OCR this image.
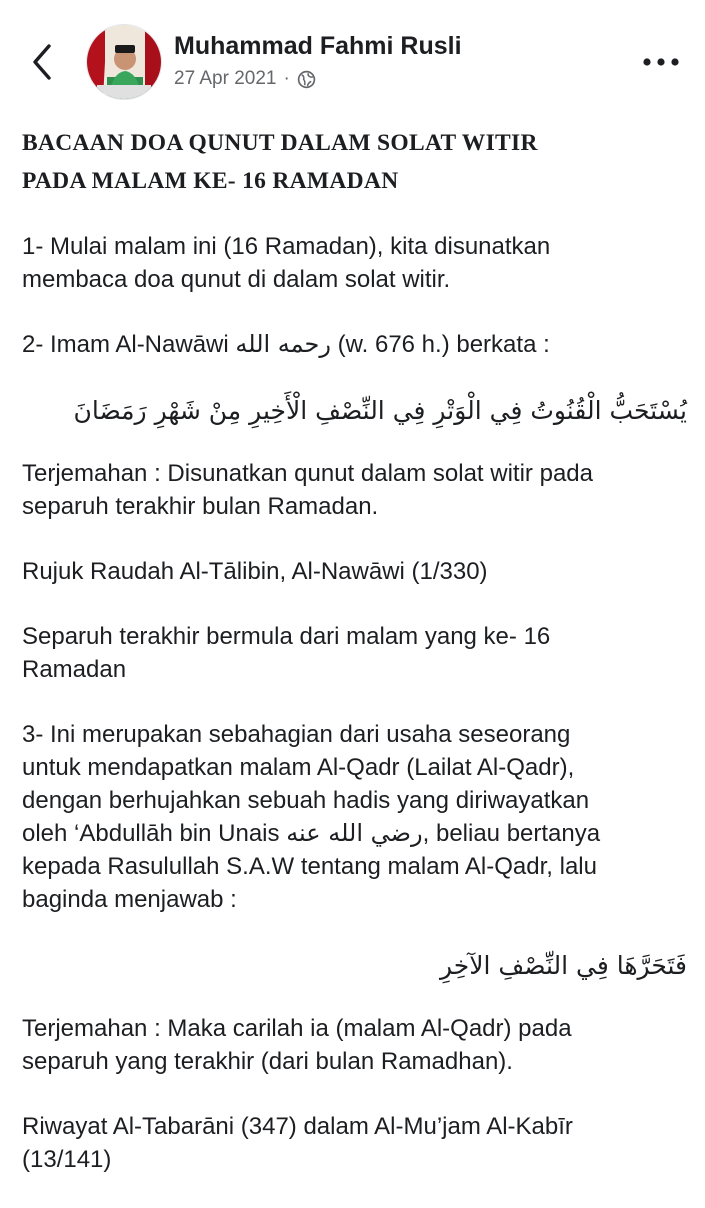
Muhammad Fahmi Rusli
27 Apr 2021 ·
BACAAN DOA QUNUT DALAM SOLAT WITIR
PADA MALAM KE- 16 RAMADAN
1- Mulai malam ini (16 Ramadan), kita disunatkan
membaca doa qunut di dalam solat witir.
2- Imam Al-Nawāwi رحمه الله (w. 676 h.) berkata :
يُسْتَحَبُّ الْقُنُوتُ فِي الْوَتْرِ فِي النِّصْفِ الْأَخِيرِ مِنْ شَهْرِ رَمَضَانَ
Terjemahan : Disunatkan qunut dalam solat witir pada
separuh terakhir bulan Ramadan.
Rujuk Raudah Al-Tālibin, Al-Nawāwi (1/330)
Separuh terakhir bermula dari malam yang ke- 16
Ramadan
3- Ini merupakan sebahagian dari usaha seseorang
untuk mendapatkan malam Al-Qadr (Lailat Al-Qadr),
dengan berhujahkan sebuah hadis yang diriwayatkan
oleh ‘Abdullāh bin Unais رضي الله عنه, beliau bertanya
kepada Rasulullah S.A.W tentang malam Al-Qadr, lalu
baginda menjawab :
فَتَحَرَّهَا فِي النِّصْفِ الآخِرِ
Terjemahan : Maka carilah ia (malam Al-Qadr) pada
separuh yang terakhir (dari bulan Ramadhan).
Riwayat Al-Tabarāni (347) dalam Al-Mu’jam Al-Kabīr
(13/141)
